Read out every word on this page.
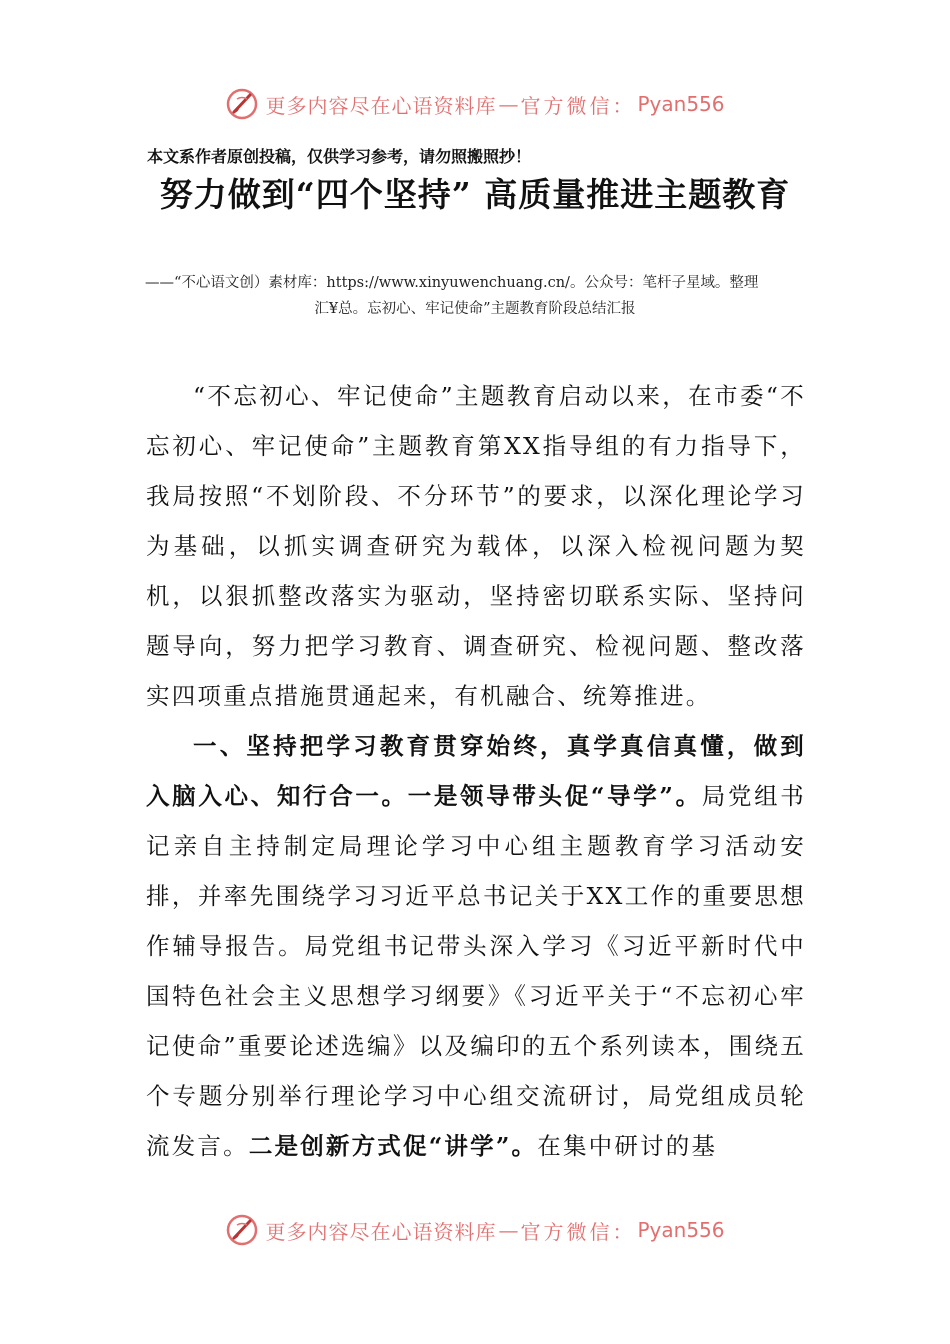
更多内容尽在心语资料库 — 官方微信： Pyan556
本文系作者原创投稿，仅供学习参考，请勿照搬照抄！
努力做到“四个坚持” 高质量推进主题教育
——“不心语文创）素材库：https://www.xinyuwenchuang.cn/。公众号：笔杆子星域。整理
汇¥总。忘初心、牢记使命”主题教育阶段总结汇报

“不忘初心、牢记使命”主题教育启动以来，在市委“不忘初心、牢记使命”主题教育第XX指导组的有力指导下，我局按照“不划阶段、不分环节”的要求，以深化理论学习为基础，以抓实调查研究为载体，以深入检视问题为契机，以狠抓整改落实为驱动，坚持密切联系实际、坚持问题导向，努力把学习教育、调查研究、检视问题、整改落实四项重点措施贯通起来，有机融合、统筹推进。

一、坚持把学习教育贯穿始终，真学真信真懂，做到入脑入心、知行合一。一是领导带头促“导学”。局党组书记亲自主持制定局理论学习中心组主题教育学习活动安排，并率先围绕学习习近平总书记关于XX工作的重要思想作辅导报告。局党组书记带头深入学习《习近平新时代中国特色社会主义思想学习纲要》《习近平关于“不忘初心牢记使命”重要论述选编》以及编印的五个系列读本，围绕五个专题分别举行理论学习中心组交流研讨，局党组成员轮流发言。二是创新方式促“讲学”。在集中研讨的基

更多内容尽在心语资料库 — 官方微信： Pyan556
